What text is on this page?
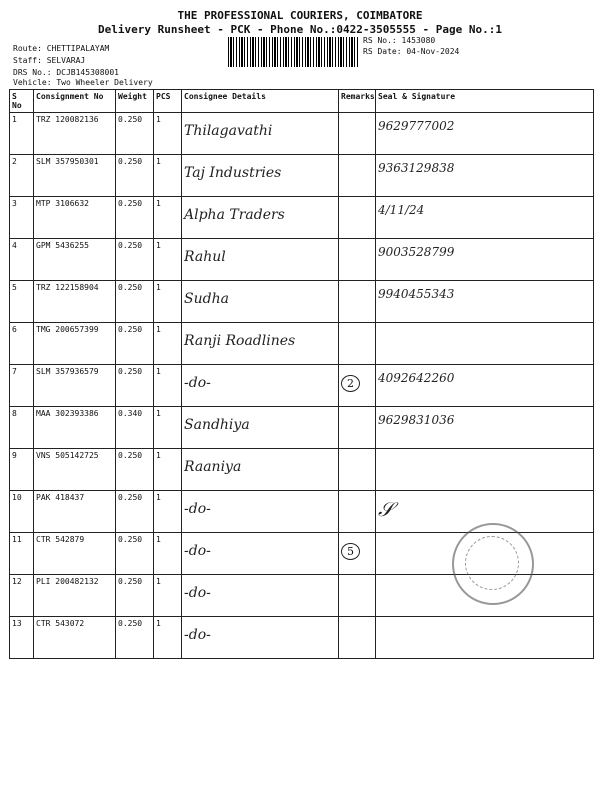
THE PROFESSIONAL COURIERS, COIMBATORE
Delivery Runsheet - PCK - Phone No.:0422-3505555 - Page No.:1
Route: CHETTIPALAYAM
Staff: SELVARAJ
DRS No.: DCJB145308001
Vehicle: Two Wheeler Delivery
RS No.: 1453080
RS Date: 04-Nov-2024
S No	Consignment No	Weight	PCS	Consignee Details	Remarks	Seal & Signature
1	TRZ 120082136	0.250	1	Thilagavathi		9629777002

2	SLM 357950301	0.250	1	Taj Industries		9363129838

3	MTP 3106632	0.250	1	Alpha Traders		4/11/24

4	GPM 5436255	0.250	1	Rahul		9003528799

5	TRZ 122158904	0.250	1	Sudha		9940455343

6	TMG 200657399	0.250	1	Ranji Roadlines		

7	SLM 357936579	0.250	1	-do-	2	4092642260

8	MAA 302393386	0.340	1	Sandhiya		9629831036

9	VNS 505142725	0.250	1	Raaniya		

10	PAK 418437	0.250	1	-do-		𝒮

11	CTR 542879	0.250	1	-do-	5	
12	PLI 200482132	0.250	1	-do-		

13	CTR 543072	0.250	1	-do-		
